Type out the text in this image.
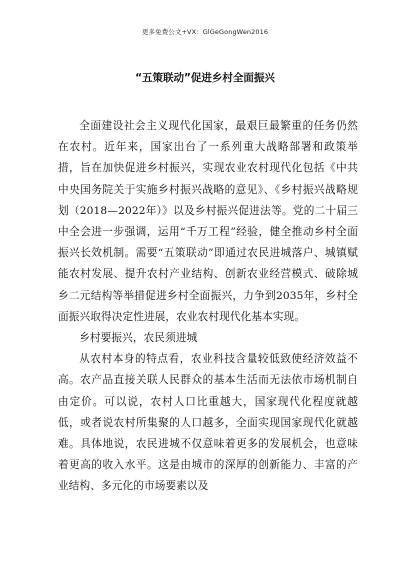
更多免费公文+VX：GlGeGongWen2016
“五策联动”促进乡村全面振兴

全面建设社会主义现代化国家，最艰巨最繁重的任务仍然在农村。近年来，国家出台了一系列重大战略部署和政策举措，旨在加快促进乡村振兴，实现农业农村现代化包括《中共中央国务院关于实施乡村振兴战略的意见》、《乡村振兴战略规划（2018—2022年）》以及乡村振兴促进法等。党的二十届三中全会进一步强调，运用“千万工程”经验，健全推动乡村全面振兴长效机制。需要“五策联动”即通过农民进城落户、城镇赋能农村发展、提升农村产业结构、创新农业经营模式、破除城乡二元结构等举措促进乡村全面振兴，力争到2035年，乡村全面振兴取得决定性进展，农业农村现代化基本实现。

乡村要振兴，农民须进城

从农村本身的特点看，农业科技含量较低致使经济效益不高。农产品直接关联人民群众的基本生活而无法依市场机制自由定价。可以说，农村人口比重越大，国家现代化程度就越低，或者说农村所集聚的人口越多，全面实现国家现代化就越难。具体地说，农民进城不仅意味着更多的发展机会，也意味着更高的收入水平。这是由城市的深厚的创新能力、丰富的产业结构、多元化的市场要素以及
